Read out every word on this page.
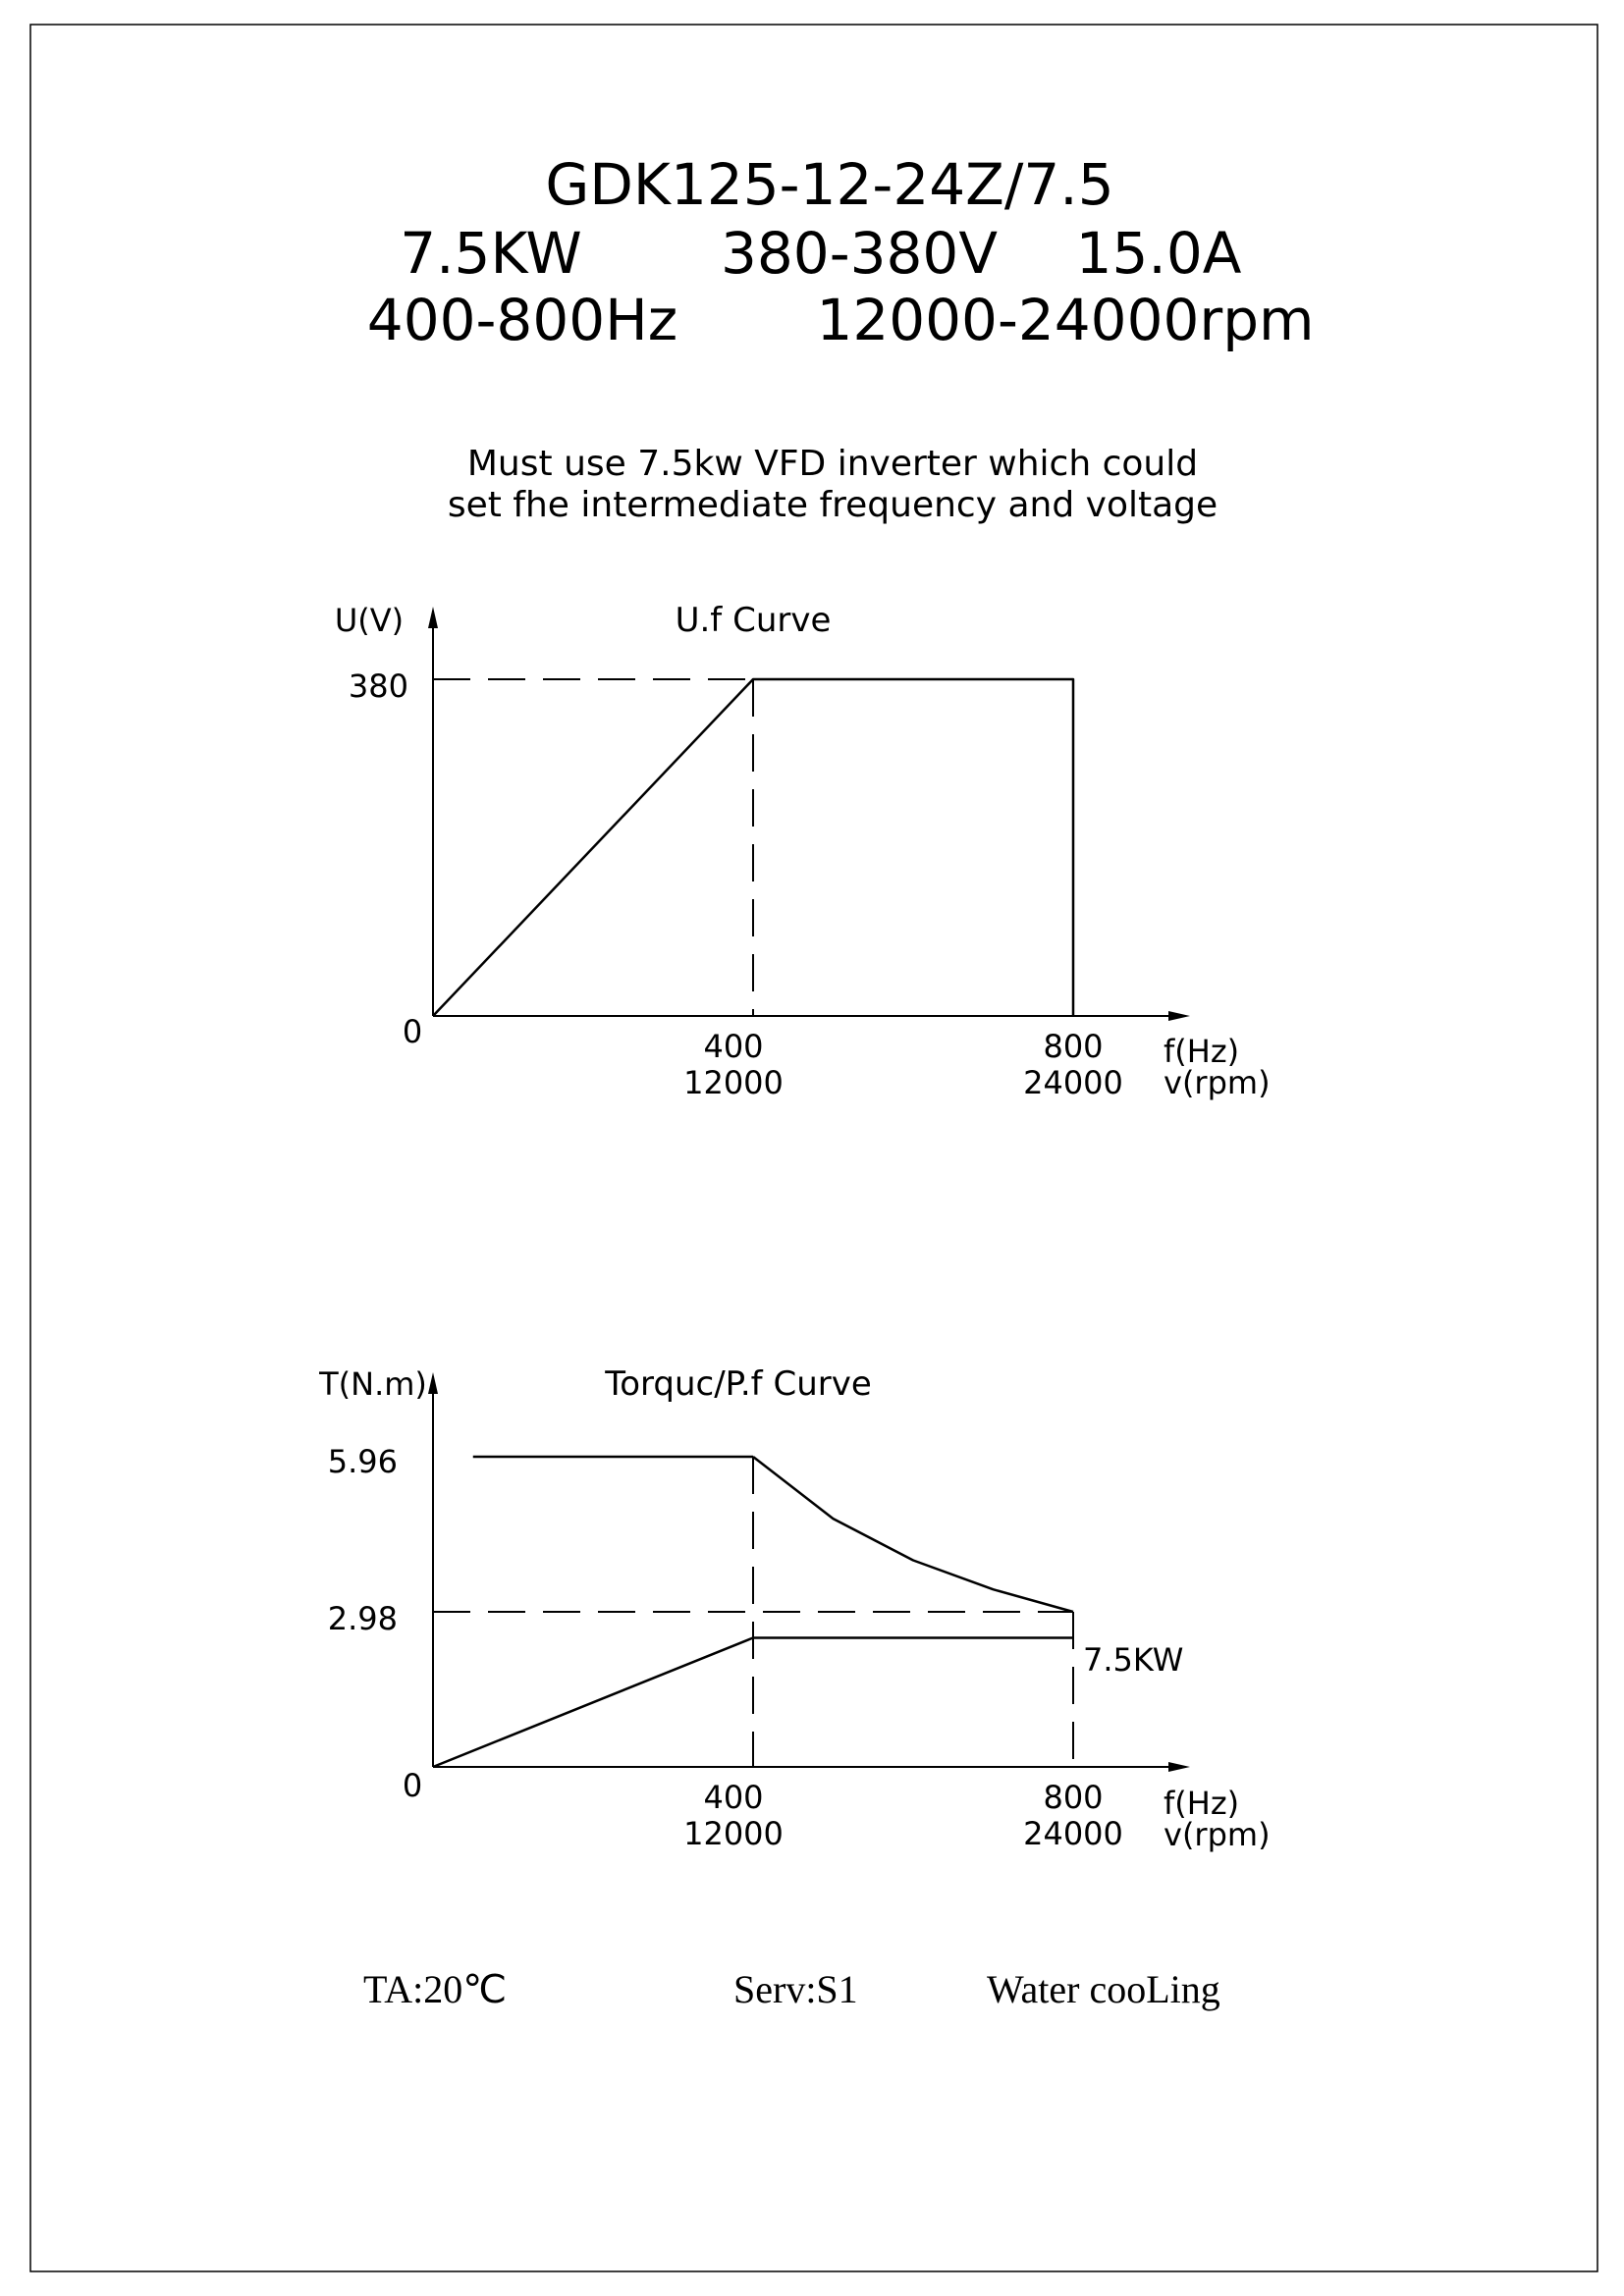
GDK125-12-24Z/7.5
7.5KW 380-380V 15.0A
400-800Hz 12000-24000rpm
Must use 7.5kw VFD inverter which could
set fhe intermediate frequency and voltage
U.f Curve
U(V)
380
0	400
12000
800
24000
f(Hz)
v(rpm)
Torquc/P.f Curve
T(N.m)
5.96
2.98
0	400
12000
800
24000
f(Hz)
v(rpm)
7.5KW
TA:20℃	Serv:S1	Water cooLing
